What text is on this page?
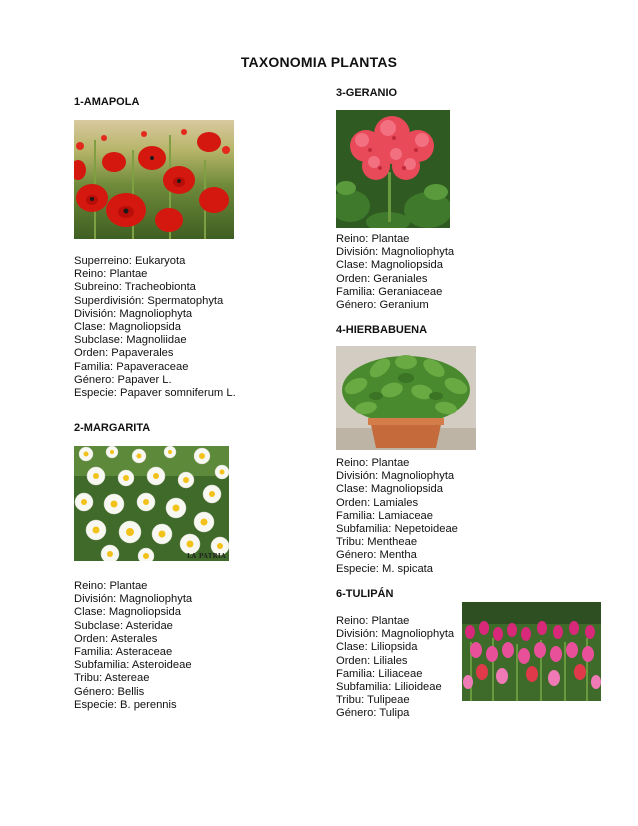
TAXONOMIA PLANTAS
1-AMAPOLA
Superreino: Eukaryota
Reino: Plantae
Subreino: Tracheobionta
Superdivisión: Spermatophyta
División: Magnoliophyta
Clase: Magnoliopsida
Subclase: Magnoliidae
Orden: Papaverales
Familia: Papaveraceae
Género: Papaver L.
Especie: Papaver somniferum L.
2-MARGARITA
LA PATRIA
Reino: Plantae
División: Magnoliophyta
Clase: Magnoliopsida
Subclase: Asteridae
Orden: Asterales
Familia: Asteraceae
Subfamilia: Asteroideae
Tribu: Astereae
Género: Bellis
Especie: B. perennis
3-GERANIO
Reino: Plantae
División: Magnoliophyta
Clase: Magnoliopsida
Orden: Geraniales
Familia: Geraniaceae
Género: Geranium
4-HIERBABUENA
Reino: Plantae
División: Magnoliophyta
Clase: Magnoliopsida
Orden: Lamiales
Familia: Lamiaceae
Subfamilia: Nepetoideae
Tribu: Mentheae
Género: Mentha
Especie: M. spicata
6-TULIPÁN
Reino: Plantae
División: Magnoliophyta
Clase: Liliopsida
Orden: Liliales
Familia: Liliaceae
Subfamilia: Lilioideae
Tribu: Tulipeae
Género: Tulipa
